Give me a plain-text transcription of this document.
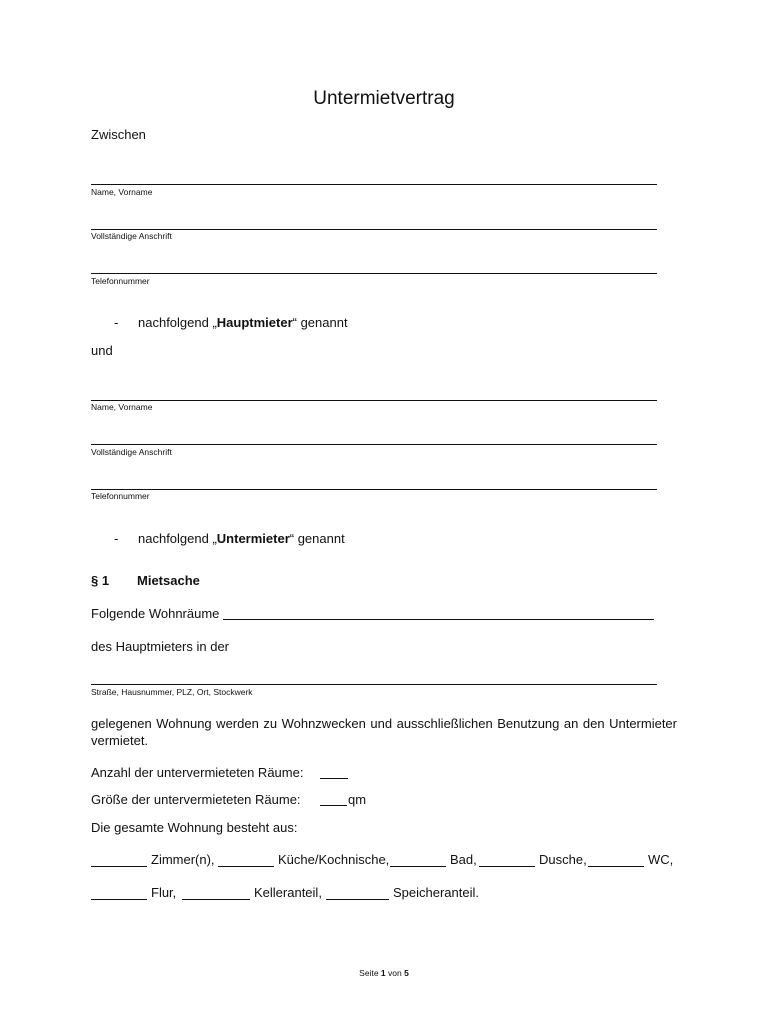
Untermietvertrag
Zwischen
Name, Vorname
Vollständige Anschrift
Telefonnummer
- nachfolgend „Hauptmieter“ genannt
und
Name, Vorname
Vollständige Anschrift
Telefonnummer
- nachfolgend „Untermieter“ genannt
§ 1 Mietsache
Folgende Wohnräume
des Hauptmieters in der
Straße, Hausnummer, PLZ, Ort, Stockwerk
gelegenen Wohnung werden zu Wohnzwecken und ausschließlichen Benutzung an den Untermieter vermietet.
Anzahl der untervermieteten Räume:
Größe der untervermieteten Räume:	qm
Die gesamte Wohnung besteht aus:
Zimmer(n),	Küche/Kochnische,	Bad,	Dusche,	WC,
Flur,	Kelleranteil,	Speicheranteil.
Seite 1 von 5
